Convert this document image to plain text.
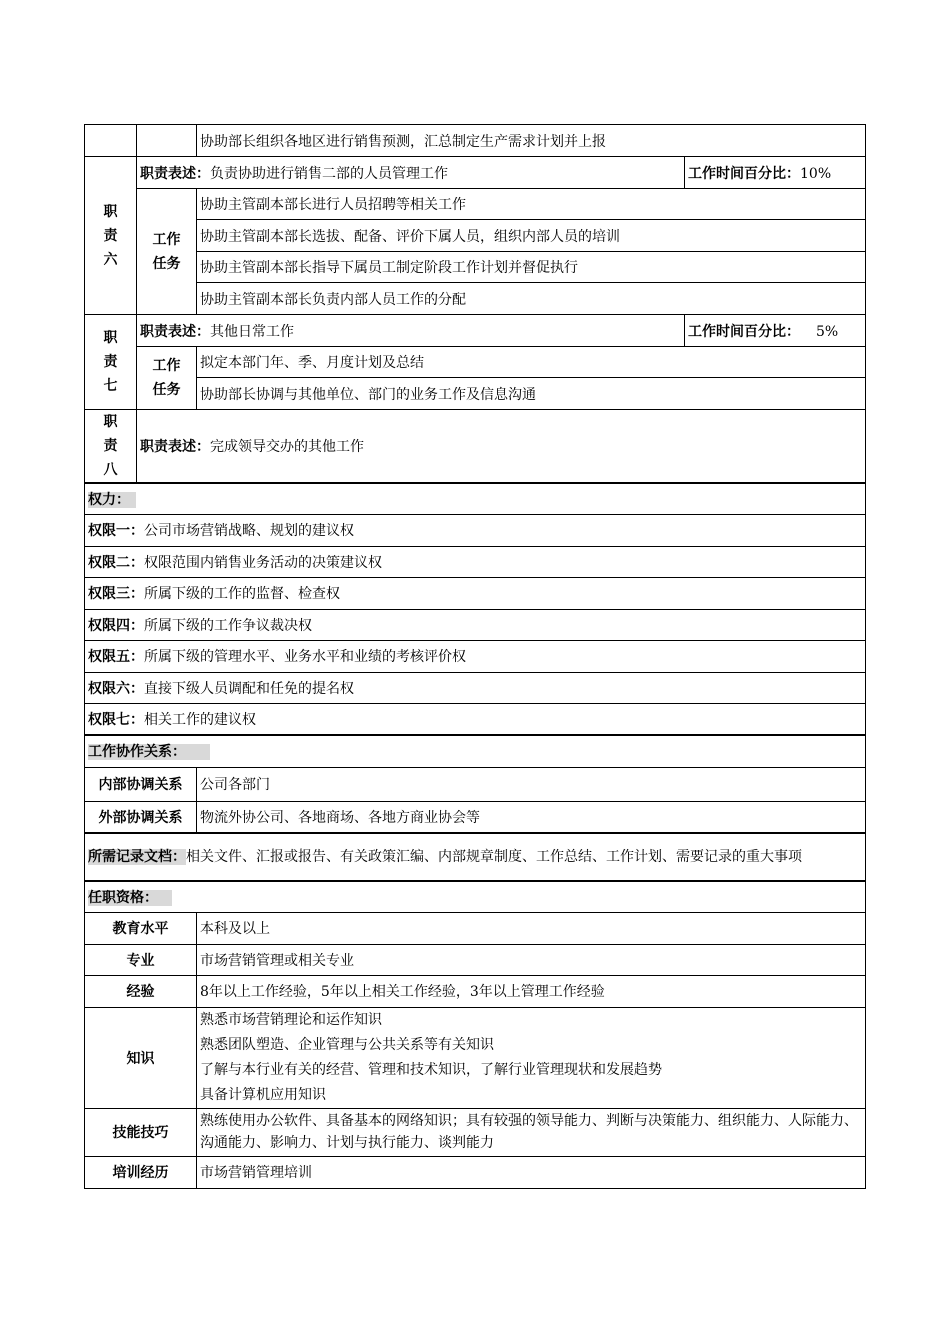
		协助部长组织各地区进行销售预测，汇总制定生产需求计划并上报	
职
责
六	职责表述：负责协助进行销售二部的人员管理工作		工作时间百分比：10%
	工作
任务	协助主管副本部长进行人员招聘等相关工作	
		协助主管副本部长选拔、配备、评价下属人员，组织内部人员的培训	
		协助主管副本部长指导下属员工制定阶段工作计划并督促执行	
		协助主管副本部长负责内部人员工作的分配	
职
责
七	职责表述：其他日常工作		工作时间百分比： 5%
	工作
任务	拟定本部门年、季、月度计划及总结	
		协助部长协调与其他单位、部门的业务工作及信息沟通	
职
责
八	职责表述：完成领导交办的其他工作		
权力：			
权限一：公司市场营销战略、规划的建议权			
权限二：权限范围内销售业务活动的决策建议权			
权限三：所属下级的工作的监督、检查权			
权限四：所属下级的工作争议裁决权			
权限五：所属下级的管理水平、业务水平和业绩的考核评价权			
权限六：直接下级人员调配和任免的提名权			
权限七：相关工作的建议权			
工作协作关系：			
内部协调关系		公司各部门	
外部协调关系		物流外协公司、各地商场、各地方商业协会等	
所需记录文档：相关文件、汇报或报告、有关政策汇编、内部规章制度、工作总结、工作计划、需要记录的重大事项			
任职资格：			
教育水平		本科及以上	
专业		市场营销管理或相关专业	
经验		8年以上工作经验，5年以上相关工作经验，3年以上管理工作经验	
知识		熟悉市场营销理论和运作知识
熟悉团队塑造、企业管理与公共关系等有关知识
了解与本行业有关的经营、管理和技术知识，了解行业管理现状和发展趋势
具备计算机应用知识	

技能技巧		熟练使用办公软件、具备基本的网络知识；具有较强的领导能力、判断与决策能力、组织能力、人际能力、沟通能力、影响力、计划与执行能力、谈判能力	
培训经历		市场营销管理培训	
